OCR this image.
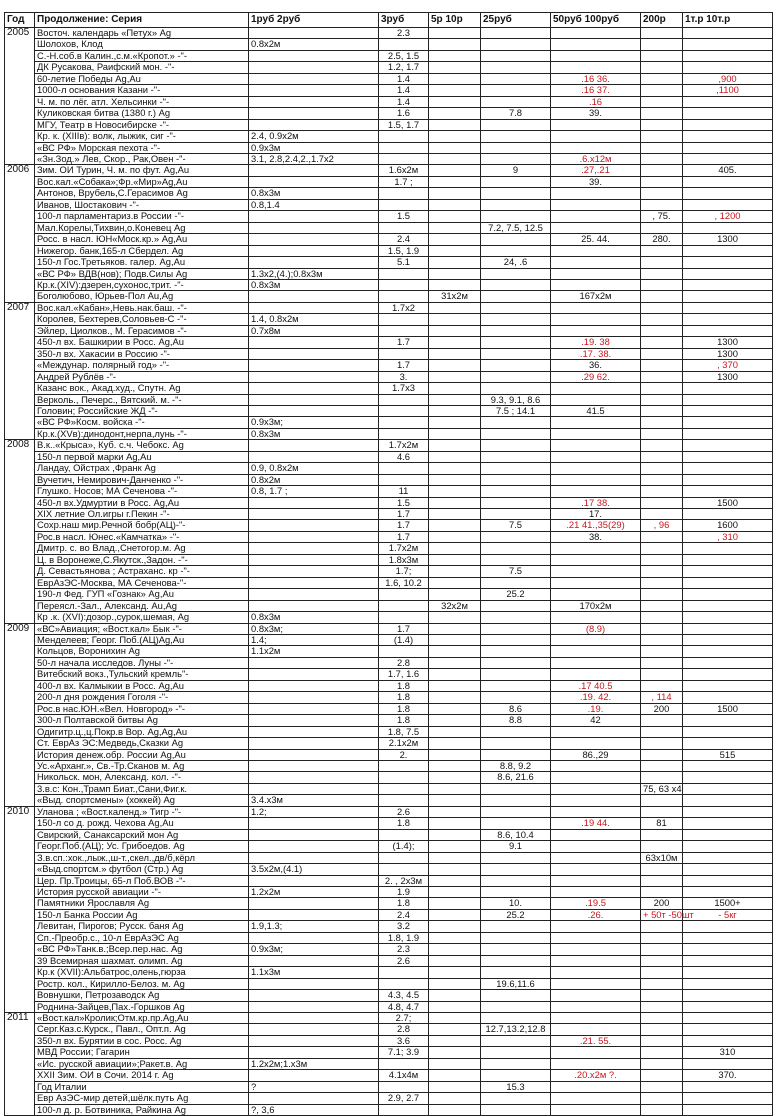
Год	Продолжение: Серия	1руб 2руб	3руб	5р 10р	25руб	50руб 100руб	200р	1т.р 10т.р
2005	Восточ. календарь «Петух» Ag		2.3					
	Шолохов, Клод	0.8х2м						
	С.-Н.соб.в Калин.,с.м.«Кропот.» -"-		2.5, 1.5					
	ДК Русакова, Раифский мон. -"-		1.2, 1.7					
	60-летие Победы Ag,Au		1.4			.16 36.		,900
	1000-л основания Казани -"-		1.4			.16 37.		,1100
	Ч. м. по лёг. атл. Хельсинки -"-		1.4			.16		
	Куликовская битва (1380 г.) Ag		1.6		7.8	39.		
	МГУ, Театр в Новосибирске -"-		1.5, 1.7					
	Кр. к. (XIIIв): волк, лыжик, сиг -"-	2.4, 0.9х2м						
	«ВС РФ» Морская пехота -"-	0.9х3м						
	«Зн.Зод.» Лев, Скор., Рак,Овен -"-	3.1, 2.8,2.4,2.,1.7х2				.6.х12м		
2006	Зим. ОИ Турин, Ч. м. по фут. Ag,Au		1.6х2м		9	.27,.21		405.
	Вос.кал.«Собака»;Фр.«Мир»Ag,Au		1.7 ;			39.		
	Антонов, Врубель,С.Герасимов Ag	0.8х3м						
	Иванов, Шостакович -"-	0.8,1.4						
	100-л парламентариз.в России -"-		1.5				, 75.	, 1200
	Мал.Корелы,Тихвин,о.Коневец Ag				7.2, 7.5, 12.5			
	Росс. в насл. ЮН«Моск.кр.» Ag,Au		2.4			25. 44.	280.	1300
	Нижегор. банк,165-л Сбердел. Ag		1.5, 1.9					
	150-л Гос.Третьяков. галер. Ag,Au		5.1		24, .6			
	«ВС РФ» ВДВ(нов); Подв.Силы Ag	1.3х2,(4.);0.8х3м						
	Кр.к.(XIV):дзерен,сухонос,трит. -"-	0.8х3м						
	Боголюбово, Юрьев-Пол Au,Ag			31х2м		167х2м		
2007	Вос.кал.«Кабан»,Невь.нак.баш. -"-		1.7х2					
	Королев, Бехтерев,Соловьев-С -"-	1.4, 0.8х2м						
	Эйлер, Циолков., М. Герасимов -"-	0.7х8м						
	450-л вх. Башкирии в Росс. Ag,Au		1.7			.19. 38		1300
	350-л вх. Хакасии в Россию -"-					.17. 38.		1300
	«Междунар. полярный год» -"-		1.7			36.		, 370
	Андрей Рублёв -"-		3.			.29 62.		1300
	Казанс вок., Акад.худ., Спутн. Ag		1.7х3					
	Верколь., Печерс., Вятский. м. -"-				9.3, 9.1, 8.6			
	Головин; Российские ЖД -"-				7.5 ; 14.1	41.5		
	«ВС РФ»Косм. войска -"-	0.9х3м;						
	Кр.к.(XVв):динодонт,нерпа,лунь -"-	0.8х3м						
2008	В.к..«Крыса», Куб. с.ч. Чебокс. Ag		1.7х2м					
	150-л первой марки Ag,Au		4.6					
	Ландау, Ойстрах ,Франк Ag	0.9, 0.8х2м						
	Вучетич, Немирович-Данченко -"-	0.8х2м						
	Глушко. Носов; МА Сеченова -"-	0.8, 1.7 ;	11					
	450-л вх.Удмуртии в Росс. Ag,Au		1.5			.17 38.		1500
	XIX летние Ол.игры г.Пекин -"-		1.7			17.		
	Сохр.наш мир.Речной бобр(АЦ)-"-		1.7		7.5	.21 41.,35(29)	, 96	1600
	Рос.в насл. Юнес.«Камчатка» -"-		1.7			38.		, 310
	Дмитр. с. во Влад.,Снетогор.м. Ag		1.7х2м					
	Ц. в Воронеже,С.Якутск.,Задон. -"-		1.8х3м					
	Д. Севастьянова ; Астраханс. кр -"-		1.7;		7.5			
	ЕврАзЭС-Москва, МА Сеченова-"-		1.6, 10.2					
	190-л Фед. ГУП «Гознак» Ag,Au				25.2			
	Переясл.-Зал., Александ. Au,Ag			32х2м		170х2м		
	Кр .к. (XVI):дозор.,сурок,шемая, Ag	0.8х3м						
2009	«ВС»Авиация; «Вост.кал» Бык -"-	0.8х3м;	1.7			(8.9)		
	Менделеев; Георг. Поб.(АЦ)Ag,Au	1.4;	(1.4)					
	Кольцов, Воронихин Ag	1.1х2м						
	50-л начала исследов. Луны -"-		2.8					
	Витебский вокз.,Тульский кремль"-		1.7, 1.6					
	400-л вх. Калмыкии в Росс. Ag,Au		1.8			.17 40.5		
	200-л дня рождения Гоголя -"-		1.8			.19. 42.	, 114	
	Рос.в нас.ЮН.«Вел. Новгород» -"-		1.8		8.6	.19.	200	1500
	300-л Полтавской битвы Ag		1.8		8.8	42		
	Одигитр.ц.,ц.Покр.в Вор. Ag,Ag,Au		1.8, 7.5					
	Ст. ЕврАз ЭС:Медведь,Сказки Ag		2.1х2м					
	История денеж.обр. России Ag,Au		2.			86.,29		515
	Ус.«Арханг.», Св.-Тр.Сканов м. Ag				8.8, 9.2			
	Никольск. мон, Александ. кол. -"-				8.6, 21.6			
	3.в.с: Кон.,Трамп Биат.,Сани,Фиг.к.						75, 63 х4	
	«Выд. спортсмены» (хоккей) Ag	3.4.х3м						
2010	Уланова ; «Вост.календ.» Тигр -"-	1.2;	2.6					
	150-л со д. рожд. Чехова Ag,Au		1.8			.19 44.	81	
	Свирский, Санаксарский мон Ag				8.6, 10.4			
	Георг.Поб.(АЦ); Ус. Грибоедов. Ag		(1.4);		9.1			
	З.в.сп.:хок.,лыж.,ш-т.,скел.,дв/б,кёрл						63х10м	
	«Выд.спортсм.» футбол (Стр.) Ag	3.5х2м,(4.1)						
	Цер. Пр.Троицы, 65-л Поб.ВОВ -"-		2. , 2х3м					
	История русской авиации -"-	1.2х2м	1.9					
	Памятники Ярославля Ag		1.8		10.	.19.5	200	1500+
	150-л Банка России Ag		2.4		25.2	.26.	+ 50т -50шт	- 5кг
	Левитан, Пирогов; Русск. баня Ag	1.9,1.3;	3.2					
	Сп.-Преобр.с., 10-л ЕврАзЭС Ag		1.8, 1.9					
	«ВС РФ»Танк.в.;Всер.пер.нас. Ag	0.9х3м;	2.3					
	39 Всемирная шахмат. олимп. Ag		2.6					
	Кр.к (XVII):Альбатрос,олень,гюрза	1.1х3м						
	Ростр. кол., Кирилло-Белоз. м. Ag				19.6,11.6			
	Вовнушки, Петрозаводск Ag		4.3, 4.5					
	Роднина-Зайцев,Пах.-Горшков Ag		4.8, 4.7					
2011	«Вост.кал»Кролик;Отм.кр.пр.Ag,Au		2.7;					
	Серг.Каз.с.Курск., Павл., Опт.п. Ag		2.8		12.7,13.2,12.8			
	350-л вх. Бурятии в сос. Росс. Ag		3.6			.21. 55.		
	МВД России; Гагарин		7.1; 3.9					310
	«Ис. русской авиации»;Ракет.в. Ag	1.2х2м;1.х3м						
	XXII Зим. ОИ в Сочи. 2014 г. Ag		4.1х4м			.20.х2м ?.		370.
	Год Италии	?			15.3			
	Евр АзЭС-мир детей,шёлк.путь Ag		2.9, 2.7					
	100-л д. р. Ботвиника, Райкина Ag	?, 3,6						
